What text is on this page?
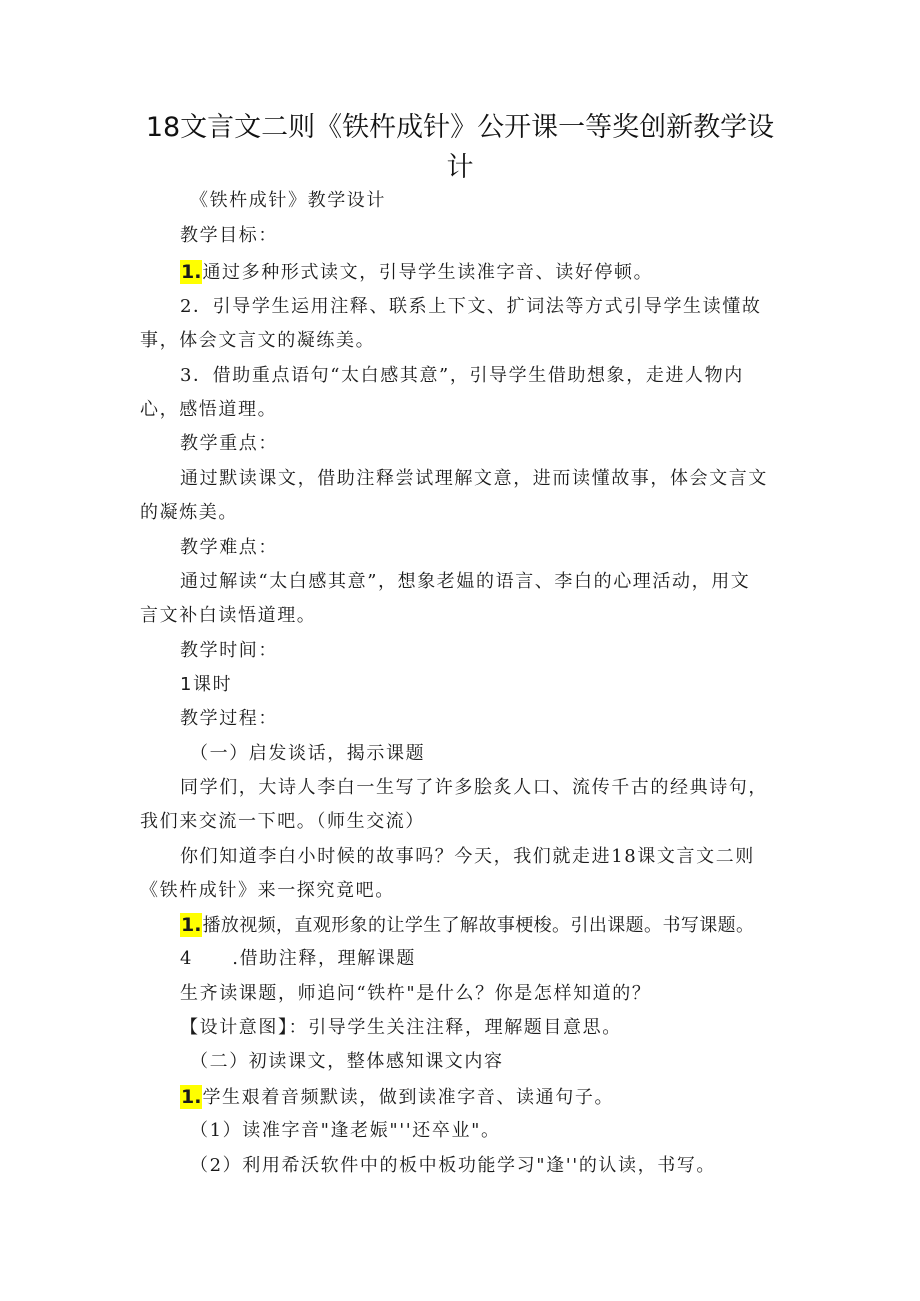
18文言文二则《铁杵成针》公开课一等奖创新教学设计
《铁杵成针》教学设计
教学目标：
1.通过多种形式读文，引导学生读准字音、读好停顿。
2．引导学生运用注释、联系上下文、扩词法等方式引导学生读懂故
事，体会文言文的凝练美。
3．借助重点语句“太白感其意”，引导学生借助想象，走进人物内
心，感悟道理。
教学重点：
通过默读课文，借助注释尝试理解文意，进而读懂故事，体会文言文
的凝炼美。
教学难点：
通过解读“太白感其意”，想象老媪的语言、李白的心理活动，用文
言文补白读悟道理。
教学时间：
1课时
教学过程：
（一）启发谈话，揭示课题
同学们，大诗人李白一生写了许多脍炙人口、流传千古的经典诗句，
我们来交流一下吧。（师生交流）
你们知道李白小时候的故事吗？今天，我们就走进18课文言文二则
《铁杵成针》来一探究竟吧。
1.播放视频，直观形象的让学生了解故事梗梭。引出课题。书写课题。
4　　.借助注释，理解课题
生齐读课题，师追问“铁杵"是什么？你是怎样知道的？
【设计意图】：引导学生关注注释，理解题目意思。
（二）初读课文，整体感知课文内容
1.学生艰着音频默读，做到读准字音、读通句子。
（1）读准字音"逢老娠"''还卒业"。
（2）利用希沃软件中的板中板功能学习"逢''的认读，书写。
